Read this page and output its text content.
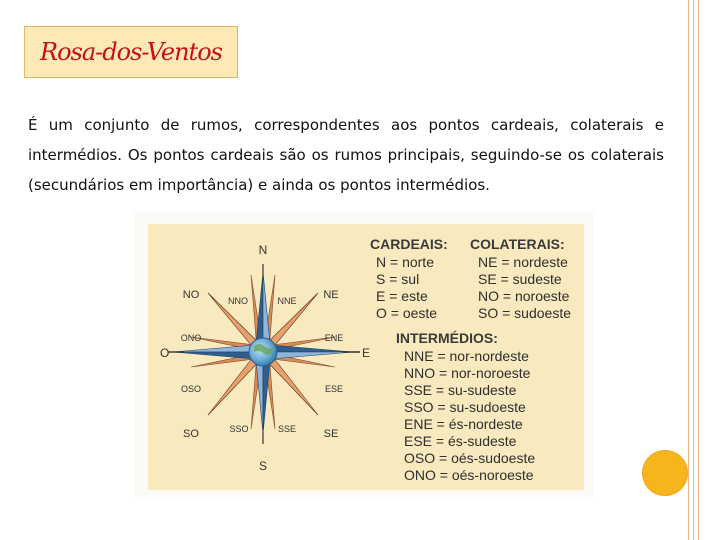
Rosa-dos-Ventos
É um conjunto de rumos, correspondentes aos pontos cardeais, colaterais e intermédios. Os pontos cardeais são os rumos principais, seguindo-se os colaterais (secundários em importância) e ainda os pontos intermédios.
N
S
E
O
NE
NO
SE
SO
NNE
NNO
SSE
SSO
ENE
ESE
ONO
OSO
CARDEAIS:
N = norte
S = sul
E = este
O = oeste
COLATERAIS:
NE = nordeste
SE = sudeste
NO = noroeste
SO = sudoeste
INTERMÉDIOS:
NNE = nor-nordeste
NNO = nor-noroeste
SSE = su-sudeste
SSO = su-sudoeste
ENE = és-nordeste
ESE = és-sudeste
OSO = oés-sudoeste
ONO = oés-noroeste
